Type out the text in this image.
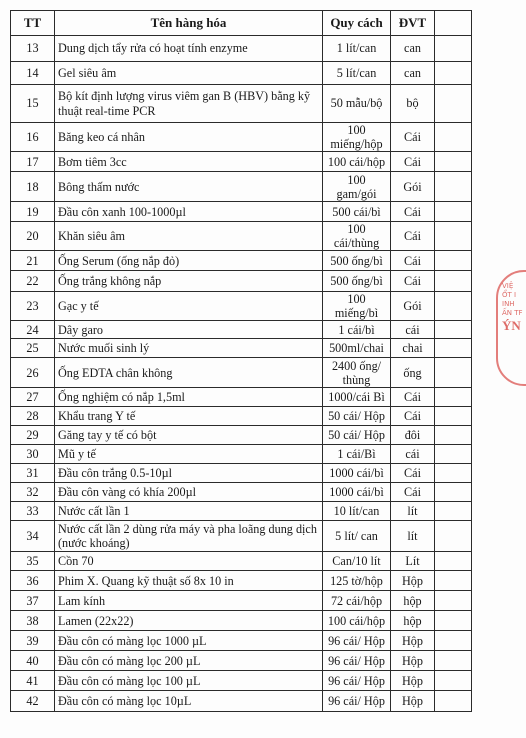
TT	Tên hàng hóa	Quy cách	ĐVT	
13	Dung dịch tẩy rửa có hoạt tính enzyme	1 lít/can	can	
14	Gel siêu âm	5 lít/can	can	
15	Bộ kít định lượng virus viêm gan B (HBV) bằng kỹ thuật real-time PCR	50 mẫu/bộ	bộ	
16	Băng keo cá nhân	100 miếng/hộp	Cái	
17	Bơm tiêm 3cc	100 cái/hộp	Cái	
18	Bông thấm nước	100 gam/gói	Gói	
19	Đầu côn xanh 100-1000µl	500 cái/bì	Cái	
20	Khăn siêu âm	100 cái/thùng	Cái	
21	Ống Serum (ống nắp đỏ)	500 ống/bì	Cái	
22	Ống trắng không nắp	500 ống/bì	Cái	
23	Gạc y tế	100 miếng/bì	Gói	
24	Dây garo	1 cái/bì	cái	
25	Nước muối sinh lý	500ml/chai	chai	
26	Ống EDTA chân không	2400 ống/ thùng	ống	
27	Ống nghiệm có nắp 1,5ml	1000/cái Bì	Cái	
28	Khẩu trang Y tế	50 cái/ Hộp	Cái	
29	Găng tay y tế có bột	50 cái/ Hộp	đôi	
30	Mũ y tế	1 cái/Bì	cái	
31	Đầu côn trắng 0.5-10µl	1000 cái/bì	Cái	
32	Đầu côn vàng có khía 200µl	1000 cái/bì	Cái	
33	Nước cất lần 1	10 lít/can	lít	
34	Nước cất lần 2 dùng rửa máy và pha loãng dung dịch (nước khoáng)	5 lít/ can	lít	
35	Cồn 70	Can/10 lít	Lít	
36	Phim X. Quang kỹ thuật số 8x 10 in	125 tờ/hộp	Hộp	
37	Lam kính	72 cái/hộp	hộp	
38	Lamen (22x22)	100 cái/hộp	hộp	
39	Đầu côn có màng lọc 1000 µL	96 cái/ Hộp	Hộp	
40	Đầu côn có màng lọc 200 µL	96 cái/ Hộp	Hộp	
41	Đầu côn có màng lọc 100 µL	96 cái/ Hộp	Hộp	
42	Đầu côn có màng lọc 10µL	96 cái/ Hộp	Hộp	
VIỆ
ỔT I
INH
ẤN TF
ÝN
